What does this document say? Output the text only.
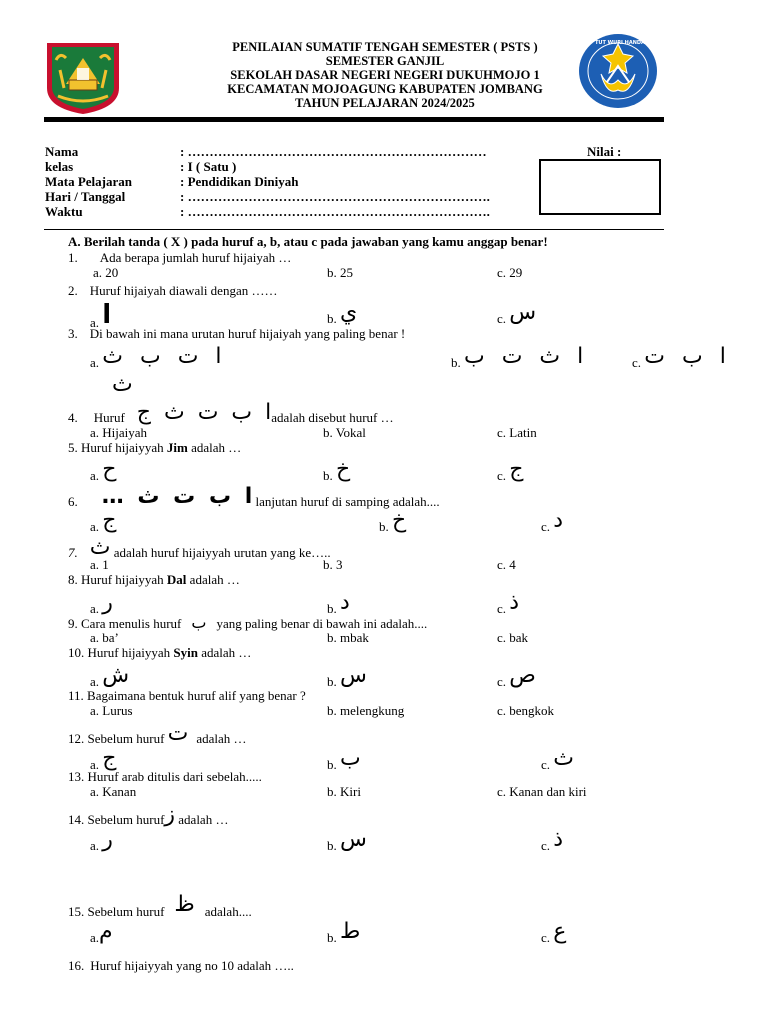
TUT WURI HANDAYANI
PENILAIAN SUMATIF TENGAH SEMESTER ( PSTS )
SEMESTER GANJIL
SEKOLAH DASAR NEGERI NEGERI DUKUHMOJO 1
KECAMATAN MOJOAGUNG KABUPATEN JOMBANG
TAHUN PELAJARAN 2024/2025
Nama	: ……………………………………………………………
kelas	: I ( Satu )
Mata Pelajaran	: Pendidikan Diniyah
Hari / Tanggal	: …………………………………………………………….
Waktu	: …………………………………………………………….
Nilai :
A. Berilah tanda ( X ) pada huruf a, b, atau c pada jawaban yang kamu anggap benar!
1. Ada berapa jumlah huruf hijaiyah …
a. 20	b. 25	c. 29
2. Huruf hijaiyah diawali dengan ……
a. ا	b. ي	c. س
3. Di bawah ini mana urutan huruf hijaiyah yang paling benar !
a. ا ت ب ث
ث
b. ا ث ت ب	c. ا ب ت
4. Huruf ا ب ت ث جadalah disebut huruf …
a. Hijaiyah	b. Vokal	c. Latin
5. Huruf hijaiyyah Jim adalah …
a. ح	b. خ	c. ج
6. ا ب ت ث … lanjutan huruf di samping adalah....
a. ج	b. خ	c. د
7. ث adalah huruf hijaiyyah urutan yang ke…..
a. 1	b. 3	c. 4
8. Huruf hijaiyyah Dal adalah …
a. ر	b. د	c. ذ
9. Cara menulis huruf ب yang paling benar di bawah ini adalah....
a. ba’	b. mbak	c. bak
10. Huruf hijaiyyah Syin adalah …
a. ش	b. س	c. ص
11. Bagaimana bentuk huruf alif yang benar ?
a. Lurus	b. melengkung	c. bengkok
12. Sebelum huruf ت adalah …
a. ج	b. ب	c. ث
13. Huruf arab ditulis dari sebelah.....
a. Kanan	b. Kiri	c. Kanan dan kiri
14. Sebelum hurufز adalah …
a. ر	b. س	c. ذ
15. Sebelum huruf ظ adalah....
a.م	b. ط	c. ع
16. Huruf hijaiyyah yang no 10 adalah …..
